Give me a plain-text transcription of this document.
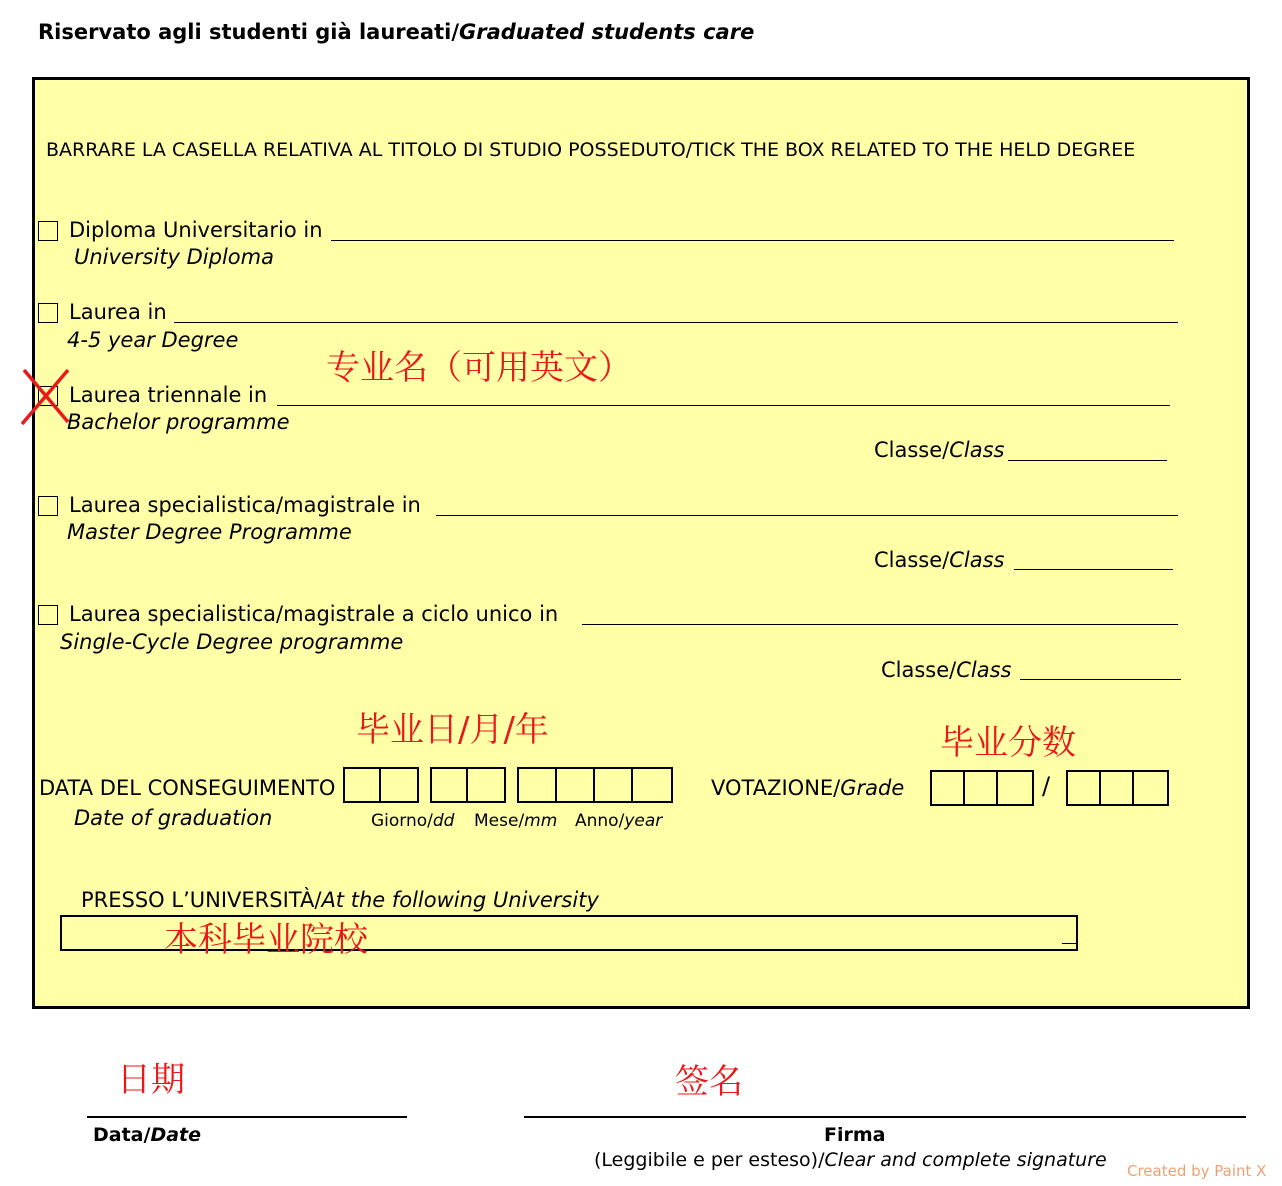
Riservato agli studenti già laureati/Graduated students care
BARRARE LA CASELLA RELATIVA AL TITOLO DI STUDIO POSSEDUTO/TICK THE BOX RELATED TO THE HELD DEGREE
Diploma Universitario in
University Diploma
Laurea in
4-5 year Degree
专业名（可用英文）
Laurea triennale in
Bachelor programme
Classe/Class
Laurea specialistica/magistrale in
Master Degree Programme
Classe/Class
Laurea specialistica/magistrale a ciclo unico in
Single-Cycle Degree programme
Classe/Class
毕业日/月/年	毕业分数
DATA DEL CONSEGUIMENTO
Date of graduation	Giorno/dd Mese/mm Anno/year
VOTAZIONE/Grade	/
PRESSO L’UNIVERSITÀ/At the following University
本科毕业院校
日期	签名
Data/Date	Firma
(Leggibile e per esteso)/Clear and complete signature Created by Paint X
